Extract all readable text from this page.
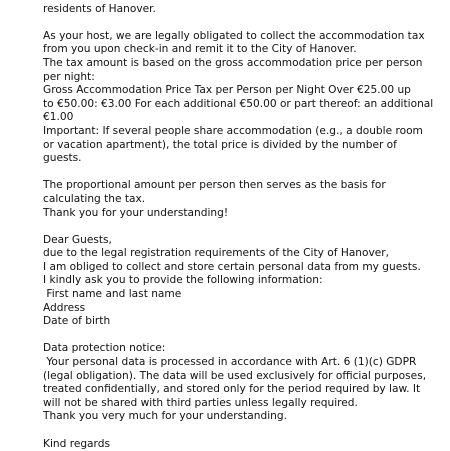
residents of Hanover.
As your host, we are legally obligated to collect the accommodation tax
from you upon check-in and remit it to the City of Hanover.
The tax amount is based on the gross accommodation price per person
per night:
Gross Accommodation Price Tax per Person per Night Over €25.00 up
to €50.00: €3.00 For each additional €50.00 or part thereof: an additional
€1.00
Important: If several people share accommodation (e.g., a double room
or vacation apartment), the total price is divided by the number of
guests.
The proportional amount per person then serves as the basis for
calculating the tax.
Thank you for your understanding!
Dear Guests,
due to the legal registration requirements of the City of Hanover,
I am obliged to collect and store certain personal data from my guests.
I kindly ask you to provide the following information:
First name and last name
Address
Date of birth
Data protection notice:
Your personal data is processed in accordance with Art. 6 (1)(c) GDPR
(legal obligation). The data will be used exclusively for official purposes,
treated confidentially, and stored only for the period required by law. It
will not be shared with third parties unless legally required.
Thank you very much for your understanding.
Kind regards
